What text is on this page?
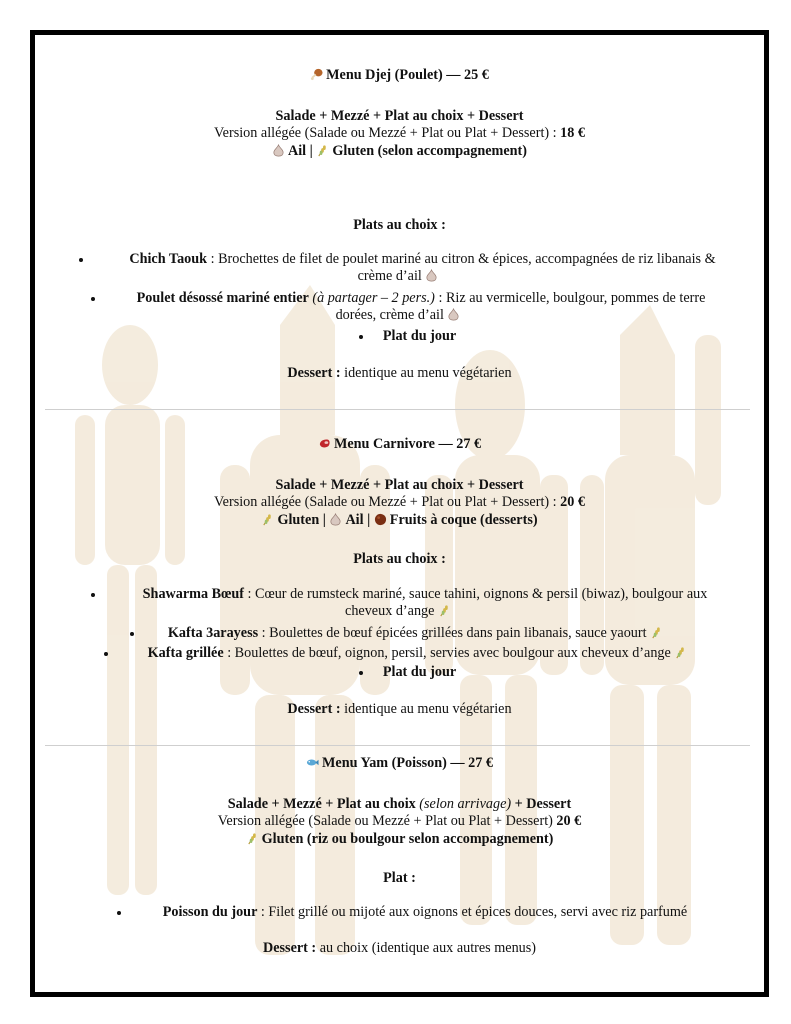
Menu Djej (Poulet) — 25 €
Salade + Mezzé + Plat au choix + Dessert
Version allégée (Salade ou Mezzé + Plat ou Plat + Dessert) : 18 €
Ail | Gluten (selon accompagnement)
Plats au choix :
Chich Taouk : Brochettes de filet de poulet mariné au citron & épices, accompagnées de riz libanais &
crème d’ail
Poulet désossé mariné entier (à partager – 2 pers.) : Riz au vermicelle, boulgour, pommes de terre
dorées, crème d’ail
Plat du jour
Dessert : identique au menu végétarien
Menu Carnivore — 27 €
Salade + Mezzé + Plat au choix + Dessert
Version allégée (Salade ou Mezzé + Plat ou Plat + Dessert) : 20 €
Gluten | Ail | Fruits à coque (desserts)
Plats au choix :
Shawarma Bœuf : Cœur de rumsteck mariné, sauce tahini, oignons & persil (biwaz), boulgour aux
cheveux d’ange
Kafta 3arayess : Boulettes de bœuf épicées grillées dans pain libanais, sauce yaourt
Kafta grillée : Boulettes de bœuf, oignon, persil, servies avec boulgour aux cheveux d’ange
Plat du jour
Dessert : identique au menu végétarien
Menu Yam (Poisson) — 27 €
Salade + Mezzé + Plat au choix (selon arrivage) + Dessert
Version allégée (Salade ou Mezzé + Plat ou Plat + Dessert) 20 €
Gluten (riz ou boulgour selon accompagnement)
Plat :
Poisson du jour : Filet grillé ou mijoté aux oignons et épices douces, servi avec riz parfumé
Dessert : au choix (identique aux autres menus)
